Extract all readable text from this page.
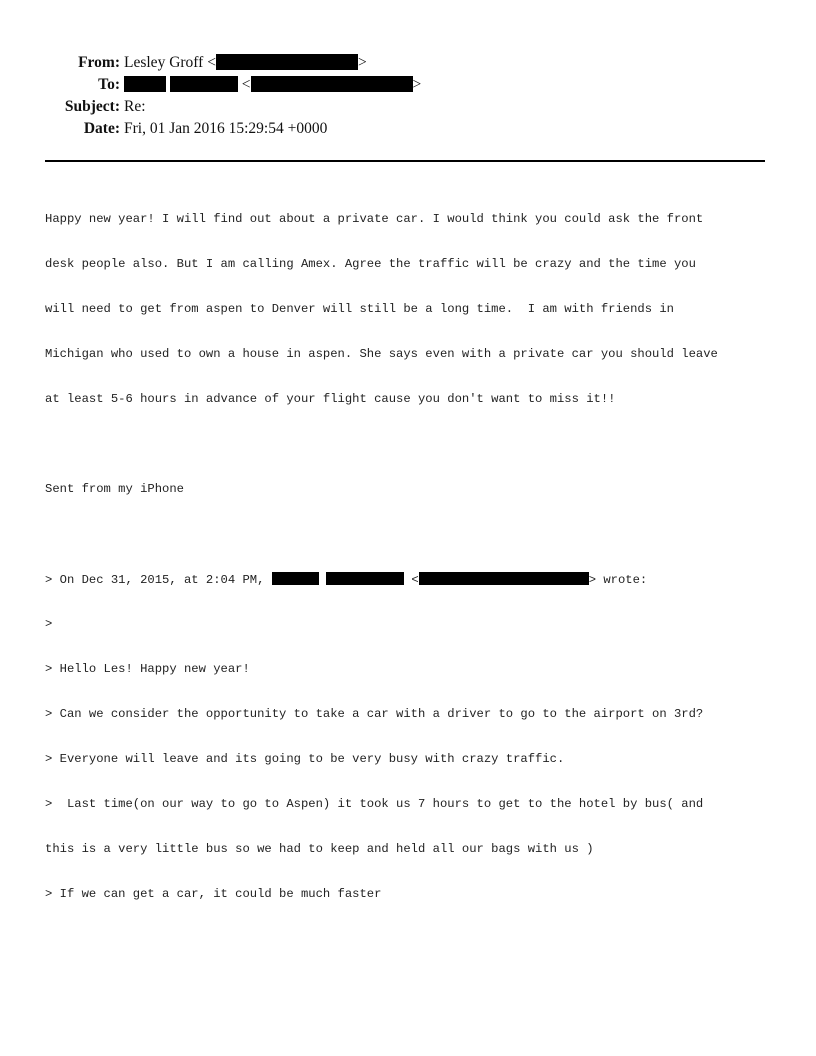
From: Lesley Groff <	>
To:	<	>
Subject: Re:
Date: Fri, 01 Jan 2016 15:29:54 +0000

Happy new year! I will find out about a private car. I would think you could ask the front

desk people also. But I am calling Amex. Agree the traffic will be crazy and the time you

will need to get from aspen to Denver will still be a long time.  I am with friends in

Michigan who used to own a house in aspen. She says even with a private car you should leave

at least 5-6 hours in advance of your flight cause you don't want to miss it!!

Sent from my iPhone

> On Dec 31, 2015, at 2:04 PM,	<	> wrote:

>

> Hello Les! Happy new year!

> Can we consider the opportunity to take a car with a driver to go to the airport on 3rd?

> Everyone will leave and its going to be very busy with crazy traffic.

>  Last time(on our way to go to Aspen) it took us 7 hours to get to the hotel by bus( and

this is a very little bus so we had to keep and held all our bags with us )

> If we can get a car, it could be much faster
